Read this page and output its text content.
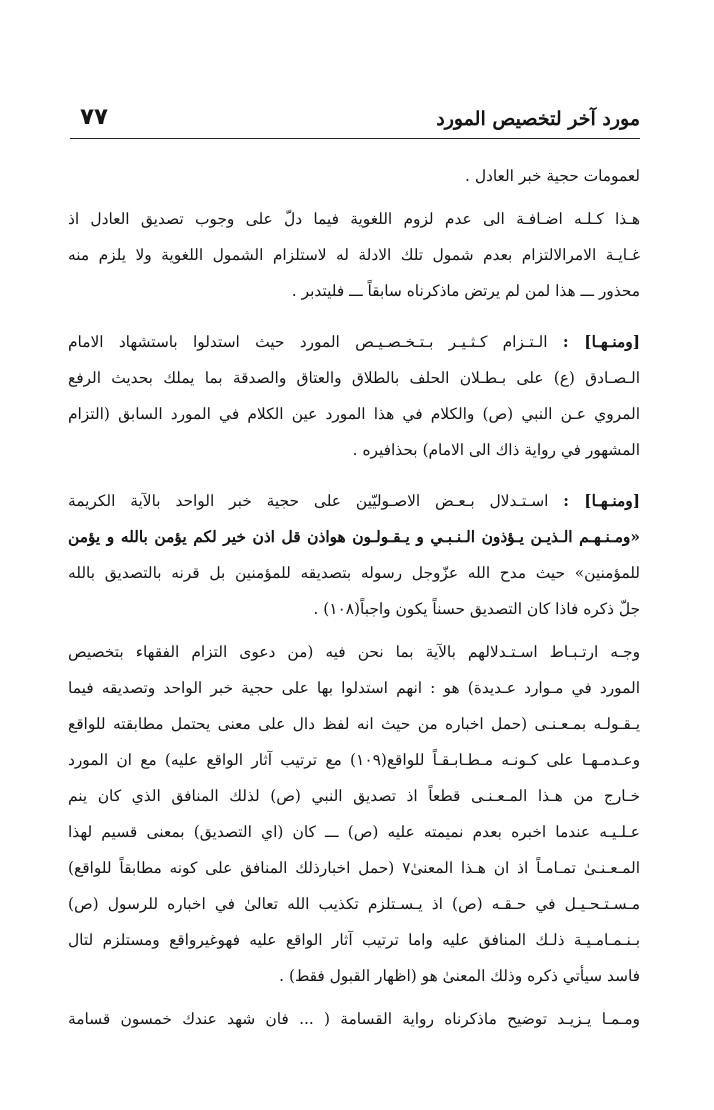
مورد آخر لتخصيص المورد
٧٧
لعمومات حجية خبر العادل .
هـذا كـلـه اضـافـة الى عدم لزوم اللغوية فيما دلّ على وجوب تصديق العادل اذ
غـايـة الامرالالتزام بعدم شمول تلك الادلة له لاستلزام الشمول اللغوية ولا يلزم منه
محذور ـــ هذا لمن لم يرتض ماذكرناه سابقاً ـــ فليتدبر .
[ومنـهـا] : الـتـزام كـثـيـر بـتـخـصـيـص المورد حيث استدلوا باستشهاد الامام
الـصـادق (ع) على بـطـلان الحلف بالطلاق والعتاق والصدقة بما يملك بحديث الرفع
المروي عـن النبي (ص) والكلام في هذا المورد عين الكلام في المورد السابق (التزام
المشهور في رواية ذاك الى الامام) بحذافيره .
[ومنـهـا] : اسـتـدلال بـعـض الاصـوليّين على حجية خبر الواحد بالآية الكريمة
«ومـنـهـم الـذيـن يـؤذون الـنـبـي و يـقـولـون هواذن قل اذن خير لكم يؤمن بالله و يؤمن
للمؤمنين» حيث مدح الله عزّوجل رسوله بتصديقه للمؤمنين بل قرنه بالتصديق بالله
جلّ ذكره فاذا كان التصديق حسناً يكون واجباً(١٠٨) .
وجـه ارتـبـاط اسـتـدلالهم بالآية بما نحن فيه (من دعوى التزام الفقهاء بتخصيص
المورد في مـوارد عـديدة) هو : انهم استدلوا بها على حجية خبر الواحد وتصديقه فيما
يـقـولـه بمـعـنـى (حمل اخباره من حيث انه لفظ دال على معنى يحتمل مطابقته للواقع
وعـدمـهـا على كـونـه مـطـابـقـاً للواقع(١٠٩) مع ترتيب آثار الواقع عليه) مع ان المورد
خـارج من هـذا المـعـنـى قطعاً اذ تصديق النبي (ص) لذلك المنافق الذي كان ينم
عـلـيـه عندما اخبره بعدم نميمته عليه (ص) ـــ كان (اي التصديق) بمعنى قسيم لهذا
المـعـنـىٰ تمـامـاً اذ ان هـذا المعنىٰ٧ (حمل اخبارذلك المنافق على كونه مطابقاً للواقع)
مـسـتـحـيـل في حـقـه (ص) اذ يـسـتلزم تكذيب الله تعالىٰ في اخباره للرسول (ص)
بـنـمـامـيـة ذلـك المنافق عليه واما ترتيب آثار الواقع عليه فهوغيرواقع ومستلزم لتال
فاسد سيأتي ذكره وذلك المعنىٰ هو (اظهار القبول فقط) .
ومـمـا يـزيـد توضيح ماذكرناه رواية القسامة ( ... فان شهد عندك خمسون قسامة
